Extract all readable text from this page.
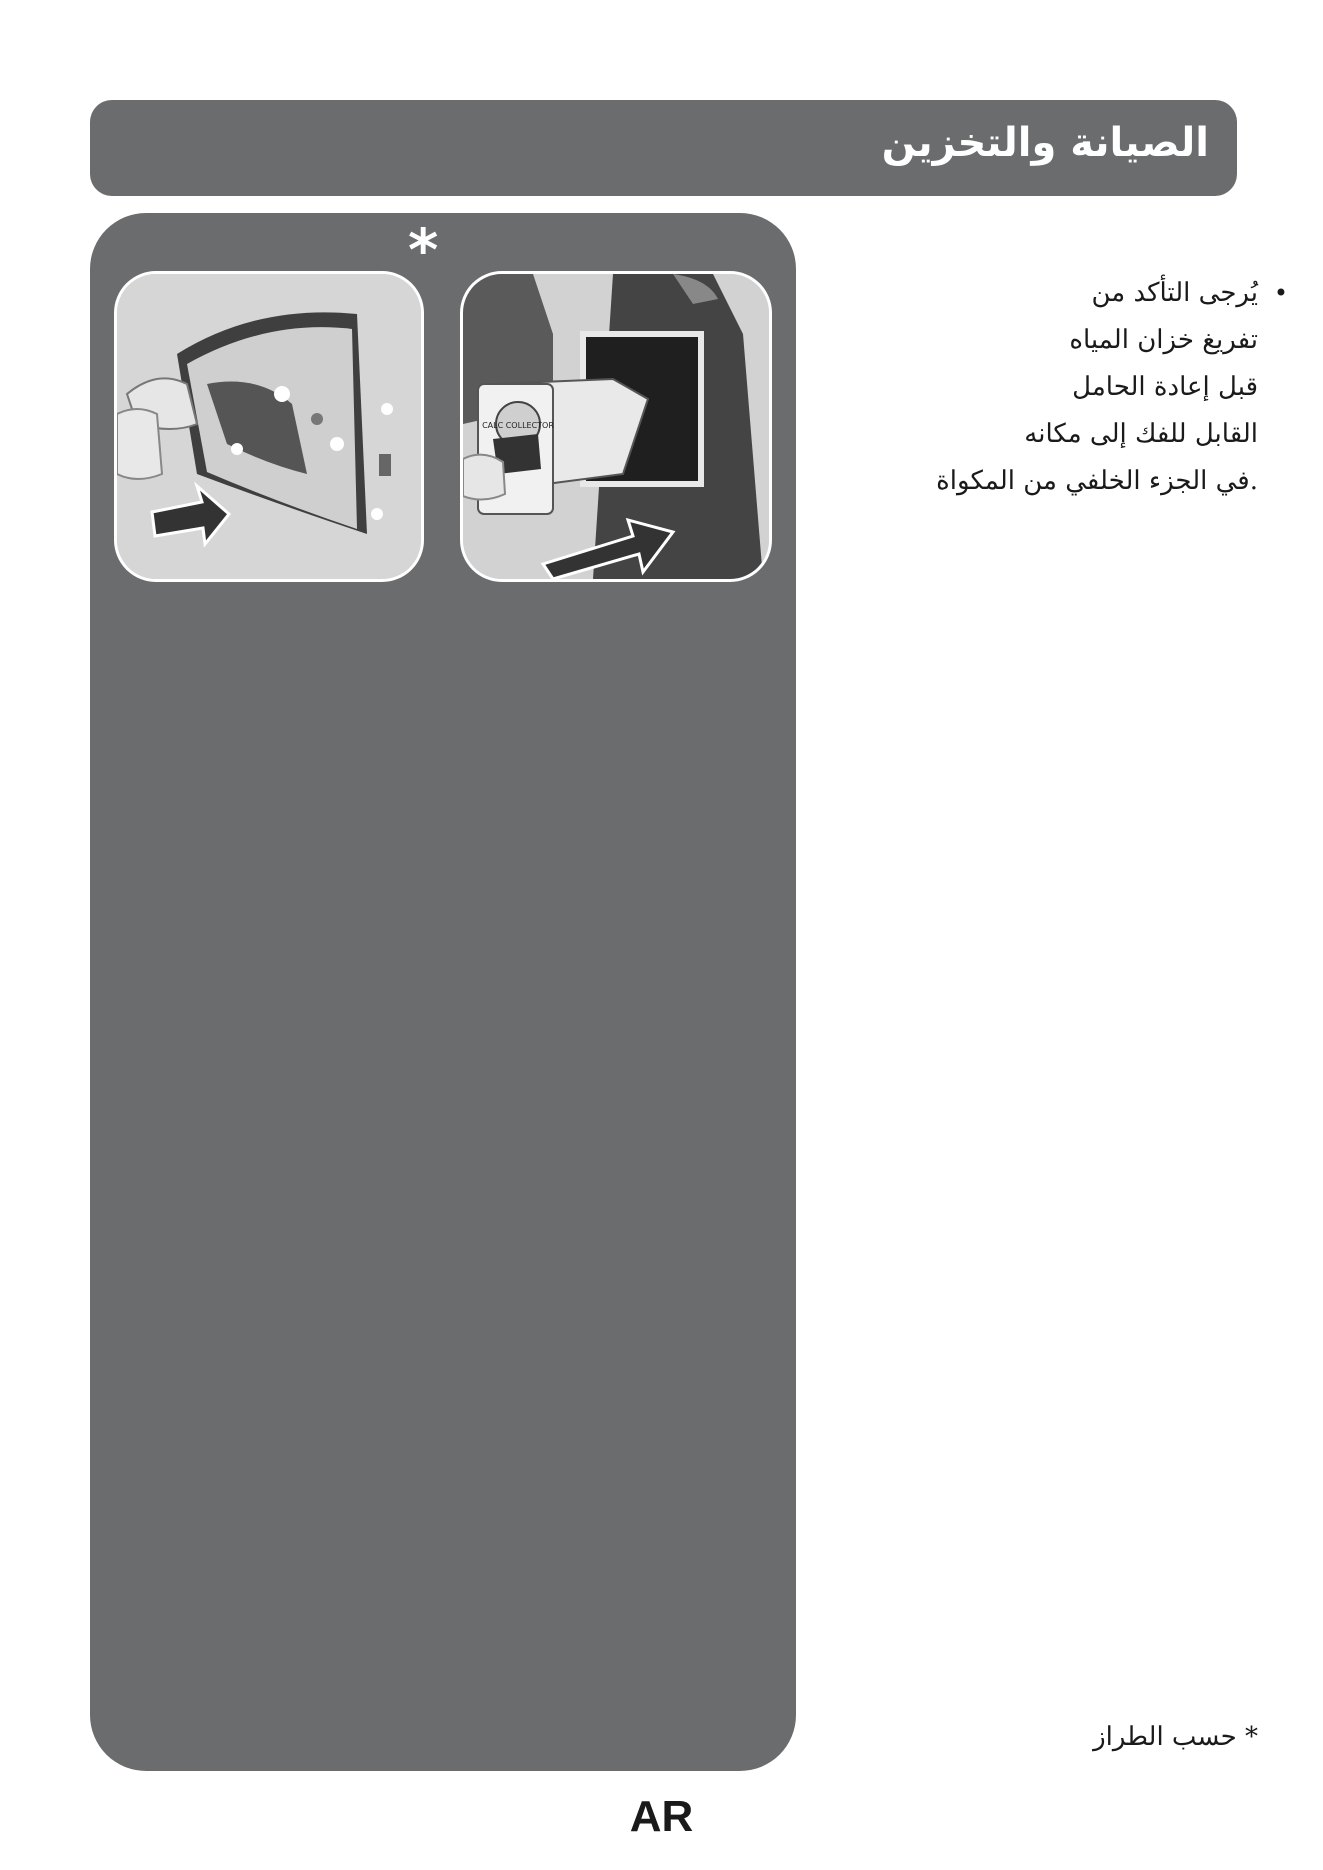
الصيانة والتخزين
*
CALC COLLECTOR
•
يُرجى التأكد من
تفريغ خزان المياه
قبل إعادة الحامل
القابل للفك إلى مكانه
.في الجزء الخلفي من المكواة
* حسب الطراز
AR
